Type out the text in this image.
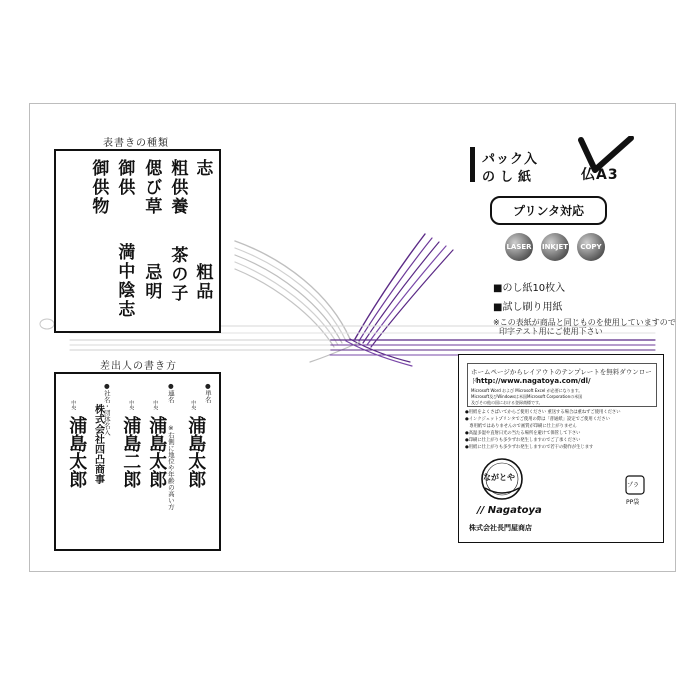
表書きの種類
志
粗品
粗供養
茶の子
偲び草
忌明
御供
満中陰志
御供物
差出人の書き方
●単名
中央
浦島太郎
●連名
※右側に地位や年齢の高い方
中央
浦島太郎
中央
浦島二郎
●社名・団体名入
株式会社四凸商事
中央
浦島太郎
パック入
のし紙	仏A3
プリンタ対応
LASER INKJET COPY
■のし紙10枚入
■試し刷り用紙
※この表紙が商品と同じものを使用していますので
印字テスト用にご使用下さい
ホームページからレイアウトのテンプレートを無料ダウンロード
http://www.nagatoya.com/dl/
Microsoft Word および Microsoft Excel が必要になります。
Microsoft及びWindowsは米国Microsoft Corporationの米国
及びその他の国における登録商標です。
●用紙をよくさばいてからご使用ください 重送する場合は重ねずご使用ください
●インクジェットプリンタでご使用の際は「普通紙」設定でご使用ください
　専用紙ではありませんので画質が印刷に仕上がりません
●高温多湿や直射日光の当たる場所を避けて保管して下さい
●印刷に仕上がりも多少ずれ発生しますのでご了承ください
●用紙に仕上がりも多少ずれ発生しますので若干の動作が生じます
ながとや
// Nagatoya
プラ
PP袋
株式会社長門屋商店
